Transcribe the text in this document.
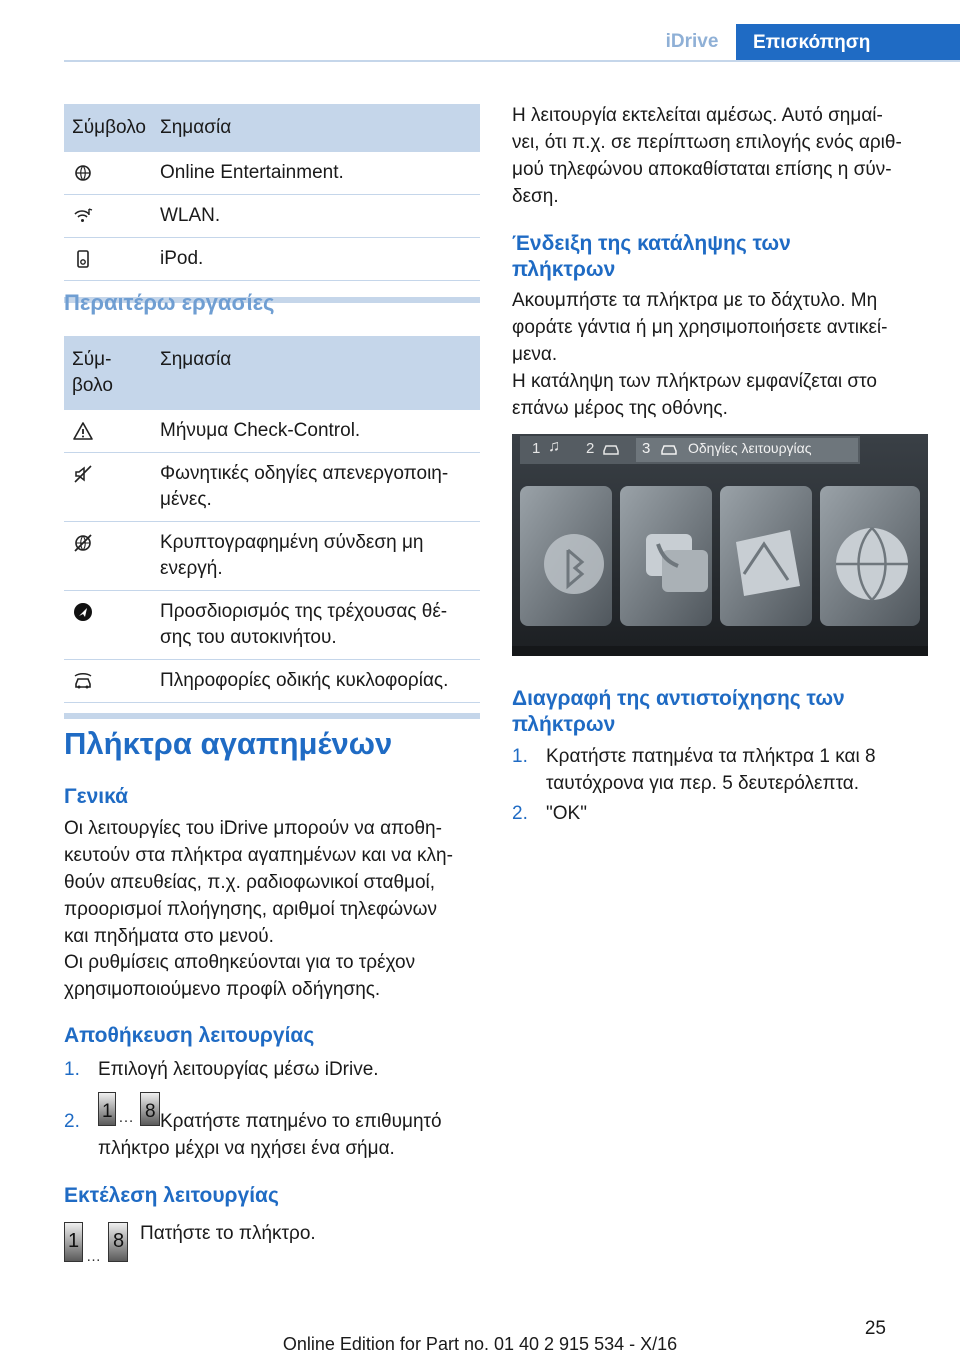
iDrive	Επισκόπηση
Σύμβολο Σημασία
Online Entertainment.
WLAN.
iPod.
Περαιτέρω εργασίες
Σύμ-
βολο
Σημασία
Μήνυμα Check-Control.
Φωνητικές οδηγίες απενεργοποιη-
μένες.
Κρυπτογραφημένη σύνδεση μη
ενεργή.
Προσδιορισμός της τρέχουσας θέ-
σης του αυτοκινήτου.
Πληροφορίες οδικής κυκλοφορίας.
Πλήκτρα αγαπημένων
Γενικά
Οι λειτουργίες του iDrive μπορούν να αποθη-
κευτούν στα πλήκτρα αγαπημένων και να κλη-
θούν απευθείας, π.χ. ραδιοφωνικοί σταθμοί,
προορισμοί πλοήγησης, αριθμοί τηλεφώνων
και πηδήματα στο μενού.
Οι ρυθμίσεις αποθηκεύονται για το τρέχον
χρησιμοποιούμενο προφίλ οδήγησης.
Αποθήκευση λειτουργίας
1. Επιλογή λειτουργίας μέσω iDrive.
2. 1 … 8 Κρατήστε πατημένο το επιθυμητό
πλήκτρο μέχρι να ηχήσει ένα σήμα.
Εκτέλεση λειτουργίας
1
…
8 Πατήστε το πλήκτρο.
Η λειτουργία εκτελείται αμέσως. Αυτό σημαί-
νει, ότι π.χ. σε περίπτωση επιλογής ενός αριθ-
μού τηλεφώνου αποκαθίσταται επίσης η σύν-
δεση.
Ένδειξη της κατάληψης των
πλήκτρων
Ακουμπήστε τα πλήκτρα με το δάχτυλο. Μη
φοράτε γάντια ή μη χρησιμοποιήσετε αντικεί-
μενα.
Η κατάληψη των πλήκτρων εμφανίζεται στο
επάνω μέρος της οθόνης.
1 ♫ 2	3	Οδηγίες λειτουργίας
Διαγραφή της αντιστοίχησης των
πλήκτρων
1. Κρατήστε πατημένα τα πλήκτρα 1 και 8
ταυτόχρονα για περ. 5 δευτερόλεπτα.
2. "OK"
25
Online Edition for Part no. 01 40 2 915 534 - X/16
